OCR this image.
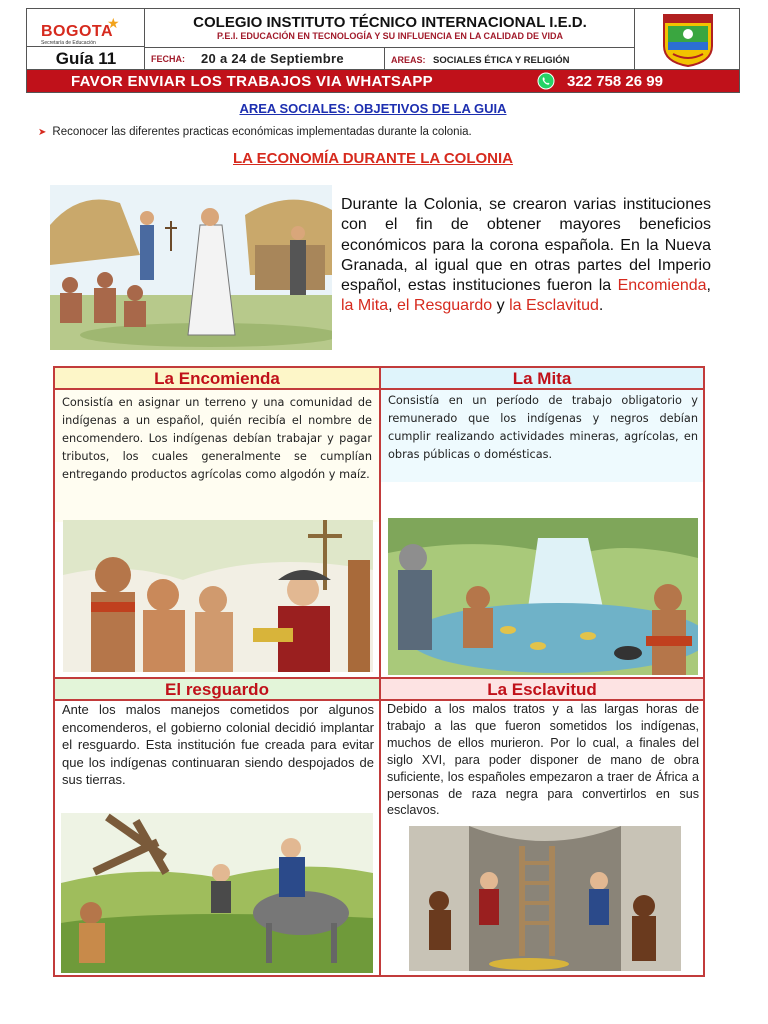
BOGOTA
★
Secretaría de Educación
Guía 11
COLEGIO INSTITUTO TÉCNICO INTERNACIONAL I.E.D.
P.E.I. EDUCACIÓN EN TECNOLOGÍA Y SU INFLUENCIA EN LA CALIDAD DE VIDA
FECHA: 20 a 24 de Septiembre	AREAS: SOCIALES ÉTICA Y RELIGIÓN
FAVOR ENVIAR LOS TRABAJOS VIA WHATSAPP	322 758 26 99
AREA SOCIALES: OBJETIVOS DE LA GUIA
➤ Reconocer las diferentes practicas económicas implementadas durante la colonia.
LA ECONOMÍA DURANTE LA COLONIA
Durante la Colonia, se crearon varias instituciones con el fin de obtener mayores beneficios económicos para la corona española. En la Nueva Granada, al igual que en otras partes del Imperio español, estas instituciones fueron la Encomienda, la Mita, el Resguardo y la Esclavitud.
La Encomienda
Consistía en asignar un terreno y una comunidad de indígenas a un español, quién recibía el nombre de encomendero. Los indígenas debían trabajar y pagar tributos, los cuales generalmente se cumplían entregando productos agrícolas como algodón y maíz.
La Mita
Consistía en un período de trabajo obligatorio y remunerado que los indígenas y negros debían cumplir realizando actividades mineras, agrícolas, en obras públicas o domésticas.
El resguardo
Ante los malos manejos cometidos por algunos encomenderos, el gobierno colonial decidió implantar el resguardo. Esta institución fue creada para evitar que los indígenas continuaran siendo despojados de sus tierras.
La Esclavitud
Debido a los malos tratos y a las largas horas de trabajo a las que fueron sometidos los indígenas, muchos de ellos murieron. Por lo cual, a finales del siglo XVI, para poder disponer de mano de obra suficiente, los españoles empezaron a traer de África a personas de raza negra para convertirlos en sus esclavos.
